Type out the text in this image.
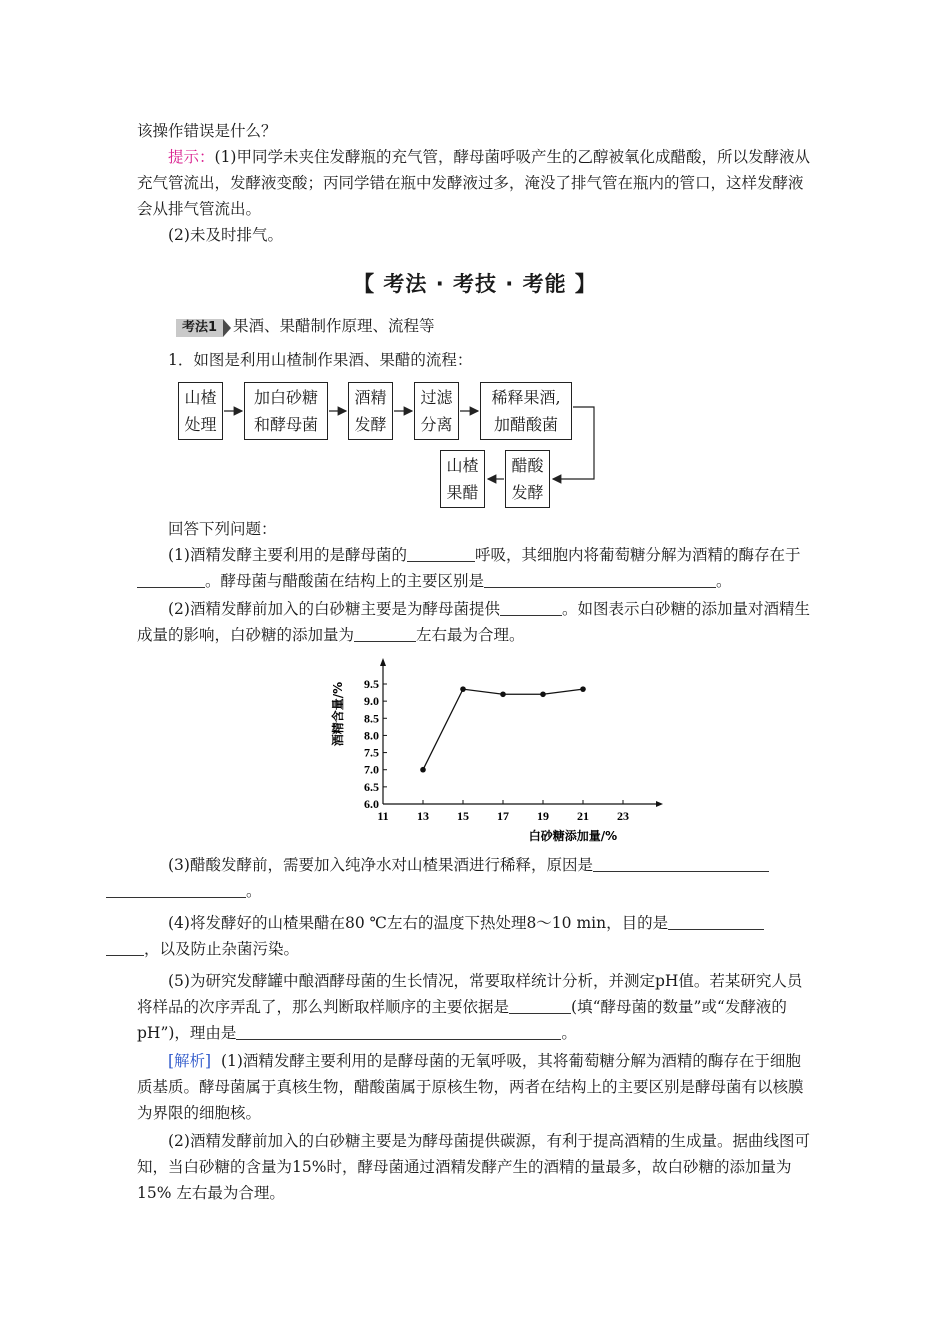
该操作错误是什么？

提示：(1)甲同学未夹住发酵瓶的充气管，酵母菌呼吸产生的乙醇被氧化成醋酸，所以发酵液从充气管流出，发酵液变酸；丙同学错在瓶中发酵液过多，淹没了排气管在瓶内的管口，这样发酵液会从排气管流出。

(2)未及时排气。

【 考法 · 考技 · 考能 】

考法1 果酒、果醋制作原理、流程等

1．如图是利用山楂制作果酒、果醋的流程：

山楂
处理
加白砂糖
和酵母菌
酒精
发酵
过滤
分离
稀释果酒,
加醋酸菌
醋酸
发酵
山楂
果醋

回答下列问题：

(1)酒精发酵主要利用的是酵母菌的	呼吸，其细胞内将葡萄糖分解为酒精的酶存在于。酵母菌与醋酸菌在结构上的主要区别是	。

(2)酒精发酵前加入的白砂糖主要是为酵母菌提供	。如图表示白砂糖的添加量对酒精生成量的影响，白砂糖的添加量为	左右最为合理。

11 13 15 17 19 21 23
6.0
6.5
7.0
7.5
8.0
8.5
9.0
9.5
白砂糖添加量/%
酒精含量/%

(3)醋酸发酵前，需要加入纯净水对山楂果酒进行稀释，原因是
。

(4)将发酵好的山楂果醋在80 ℃左右的温度下热处理8～10 min，目的是
，以及防止杂菌污染。

(5)为研究发酵罐中酿酒酵母菌的生长情况，常要取样统计分析，并测定pH值。若某研究人员将样品的次序弄乱了，那么判断取样顺序的主要依据是	(填“酵母菌的数量”或“发酵液的pH”)，理由是	。

[解析] (1)酒精发酵主要利用的是酵母菌的无氧呼吸，其将葡萄糖分解为酒精的酶存在于细胞质基质。酵母菌属于真核生物，醋酸菌属于原核生物，两者在结构上的主要区别是酵母菌有以核膜为界限的细胞核。

(2)酒精发酵前加入的白砂糖主要是为酵母菌提供碳源，有利于提高酒精的生成量。据曲线图可知，当白砂糖的含量为15%时，酵母菌通过酒精发酵产生的酒精的量最多，故白砂糖的添加量为15% 左右最为合理。
